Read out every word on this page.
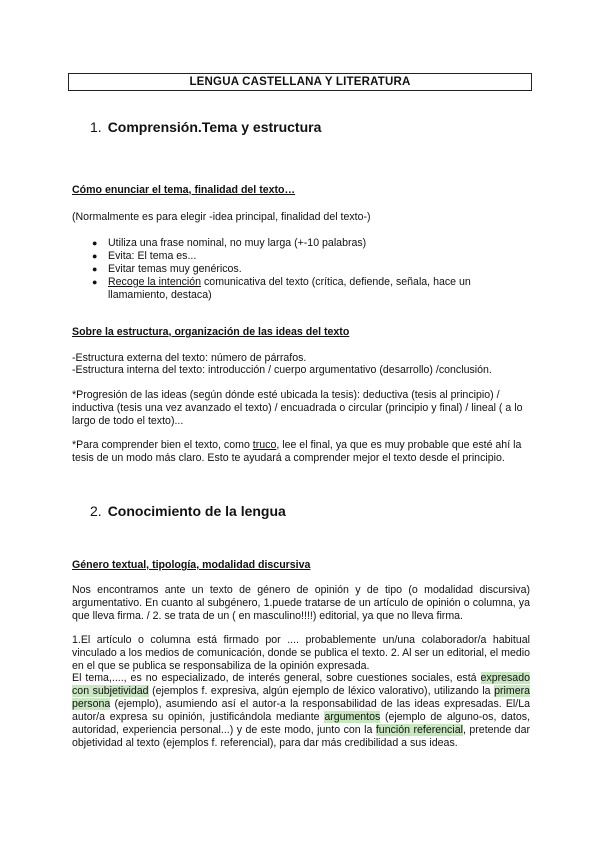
LENGUA CASTELLANA Y LITERATURA
1. Comprensión.Tema y estructura
Cómo enunciar el tema, finalidad del texto…
(Normalmente es para elegir -idea principal, finalidad del texto-)
● Utiliza una frase nominal, no muy larga (+-10 palabras)
● Evita: El tema es...
● Evitar temas muy genéricos.
● Recoge la intención comunicativa del texto (crítica, defiende, señala, hace un llamamiento, destaca)
Sobre la estructura, organización de las ideas del texto
-Estructura externa del texto: número de párrafos.
-Estructura interna del texto: introducción / cuerpo argumentativo (desarrollo) /conclusión.
*Progresión de las ideas (según dónde esté ubicada la tesis): deductiva (tesis al principio) / inductiva (tesis una vez avanzado el texto) / encuadrada o circular (principio y final) / lineal ( a lo largo de todo el texto)...
*Para comprender bien el texto, como truco, lee el final, ya que es muy probable que esté ahí la tesis de un modo más claro. Esto te ayudará a comprender mejor el texto desde el principio.
2. Conocimiento de la lengua
Género textual, tipología, modalidad discursiva
Nos encontramos ante un texto de género de opinión y de tipo (o modalidad discursiva) argumentativo. En cuanto al subgénero, 1.puede tratarse de un artículo de opinión o columna, ya que lleva firma. / 2. se trata de un ( en masculino!!!!) editorial, ya que no lleva firma.
1.El artículo o columna está firmado por .... probablemente un/una colaborador/a habitual vinculado a los medios de comunicación, donde se publica el texto. 2. Al ser un editorial, el medio en el que se publica se responsabiliza de la opinión expresada.
El tema,...., es no especializado, de interés general, sobre cuestiones sociales, está expresado con subjetividad (ejemplos f. expresiva, algún ejemplo de léxico valorativo), utilizando la primera persona (ejemplo), asumiendo así el autor-a la responsabilidad de las ideas expresadas. El/La autor/a expresa su opinión, justificándola mediante argumentos (ejemplo de alguno-os, datos, autoridad, experiencia personal...) y de este modo, junto con la función referencial, pretende dar objetividad al texto (ejemplos f. referencial), para dar más credibilidad a sus ideas.
